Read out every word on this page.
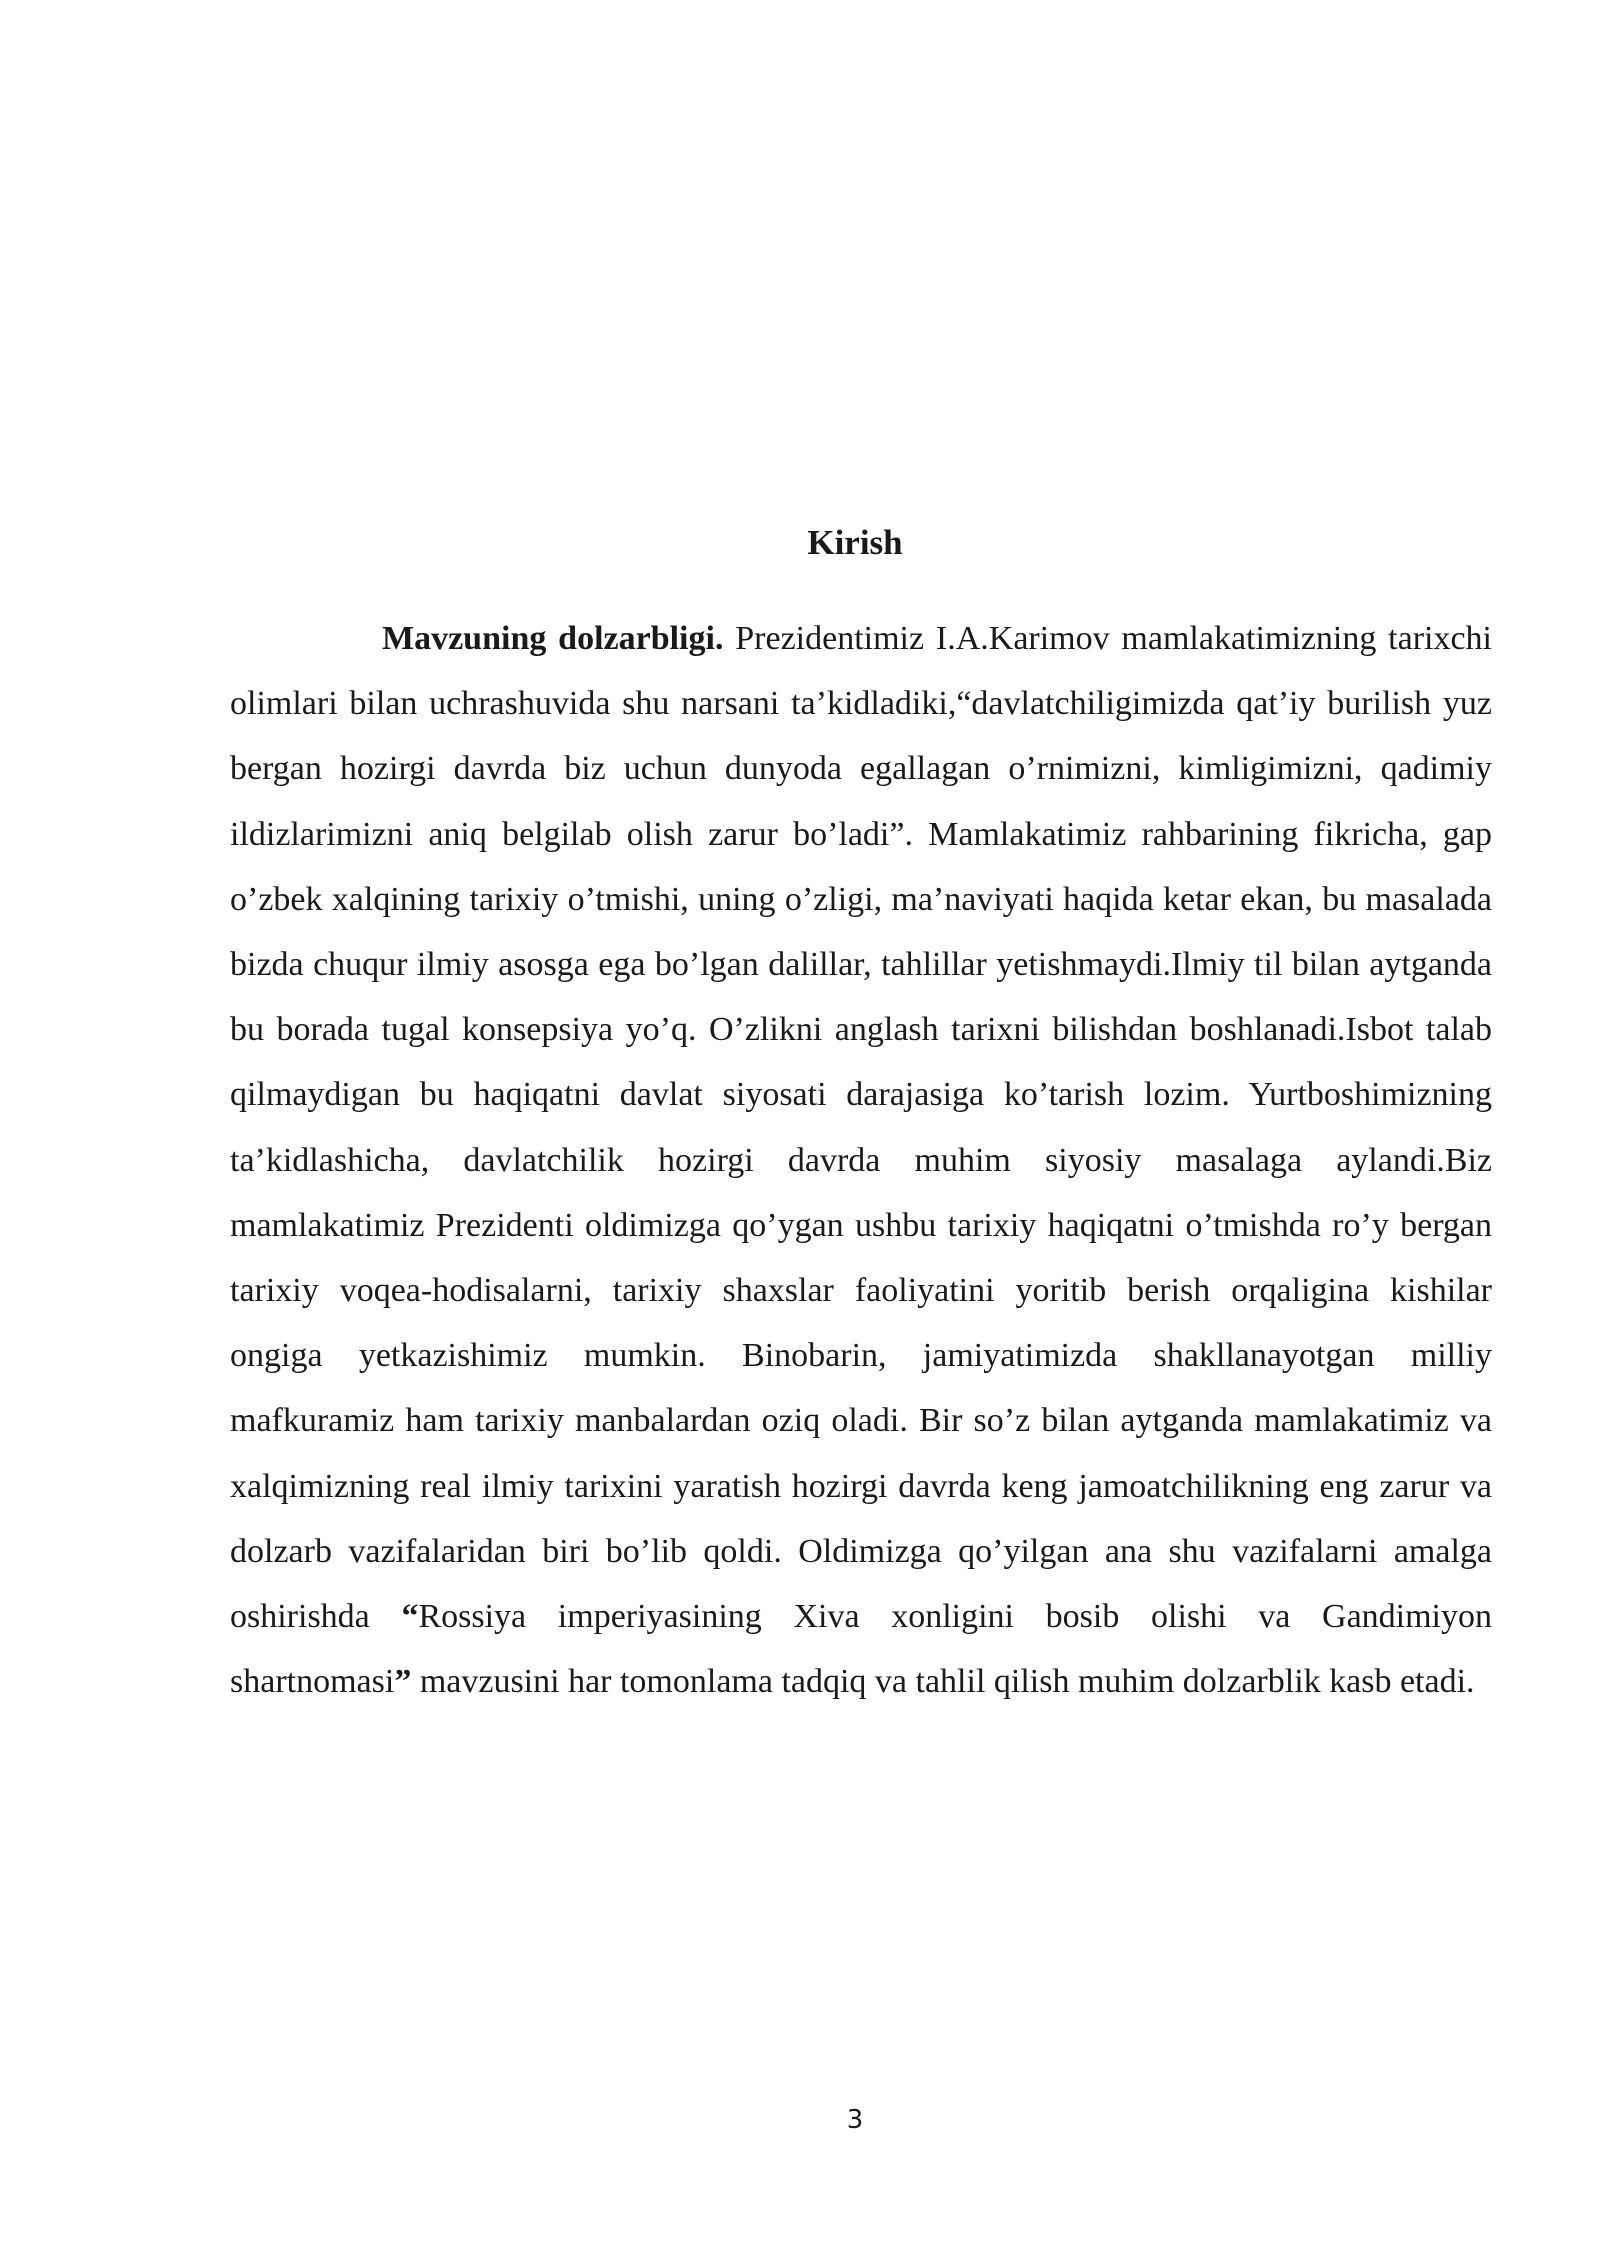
Kirish

Mavzuning dolzarbligi. Prezidentimiz I.A.Karimov mamlakatimizning tarixchi olimlari bilan uchrashuvida shu narsani ta’kidladiki,“davlatchiligimizda qat’iy burilish yuz bergan hozirgi davrda biz uchun dunyoda egallagan o’rnimizni, kimligimizni, qadimiy ildizlarimizni aniq belgilab olish zarur bo’ladi”. Mamlakatimiz rahbarining fikricha, gap o’zbek xalqining tarixiy o’tmishi, uning o’zligi, ma’naviyati haqida ketar ekan, bu masalada bizda chuqur ilmiy asosga ega bo’lgan dalillar, tahlillar yetishmaydi.Ilmiy til bilan aytganda bu borada tugal konsepsiya yo’q. O’zlikni anglash tarixni bilishdan boshlanadi.Isbot talab qilmaydigan bu haqiqatni davlat siyosati darajasiga ko’tarish lozim. Yurtboshimizning ta’kidlashicha, davlatchilik hozirgi davrda muhim siyosiy masalaga aylandi.Biz mamlakatimiz Prezidenti oldimizga qo’ygan ushbu tarixiy haqiqatni o’tmishda ro’y bergan tarixiy voqea-hodisalarni, tarixiy shaxslar faoliyatini yoritib berish orqaligina kishilar ongiga yetkazishimiz mumkin. Binobarin, jamiyatimizda shakllanayotgan milliy mafkuramiz ham tarixiy manbalardan oziq oladi. Bir so’z bilan aytganda mamlakatimiz va xalqimizning real ilmiy tarixini yaratish hozirgi davrda keng jamoatchilikning eng zarur va dolzarb vazifalaridan biri bo’lib qoldi. Oldimizga qo’yilgan ana shu vazifalarni amalga oshirishda “Rossiya imperiyasining Xiva xonligini bosib olishi va Gandimiyon shartnomasi” mavzusini har tomonlama tadqiq va tahlil qilish muhim dolzarblik kasb etadi.

3
